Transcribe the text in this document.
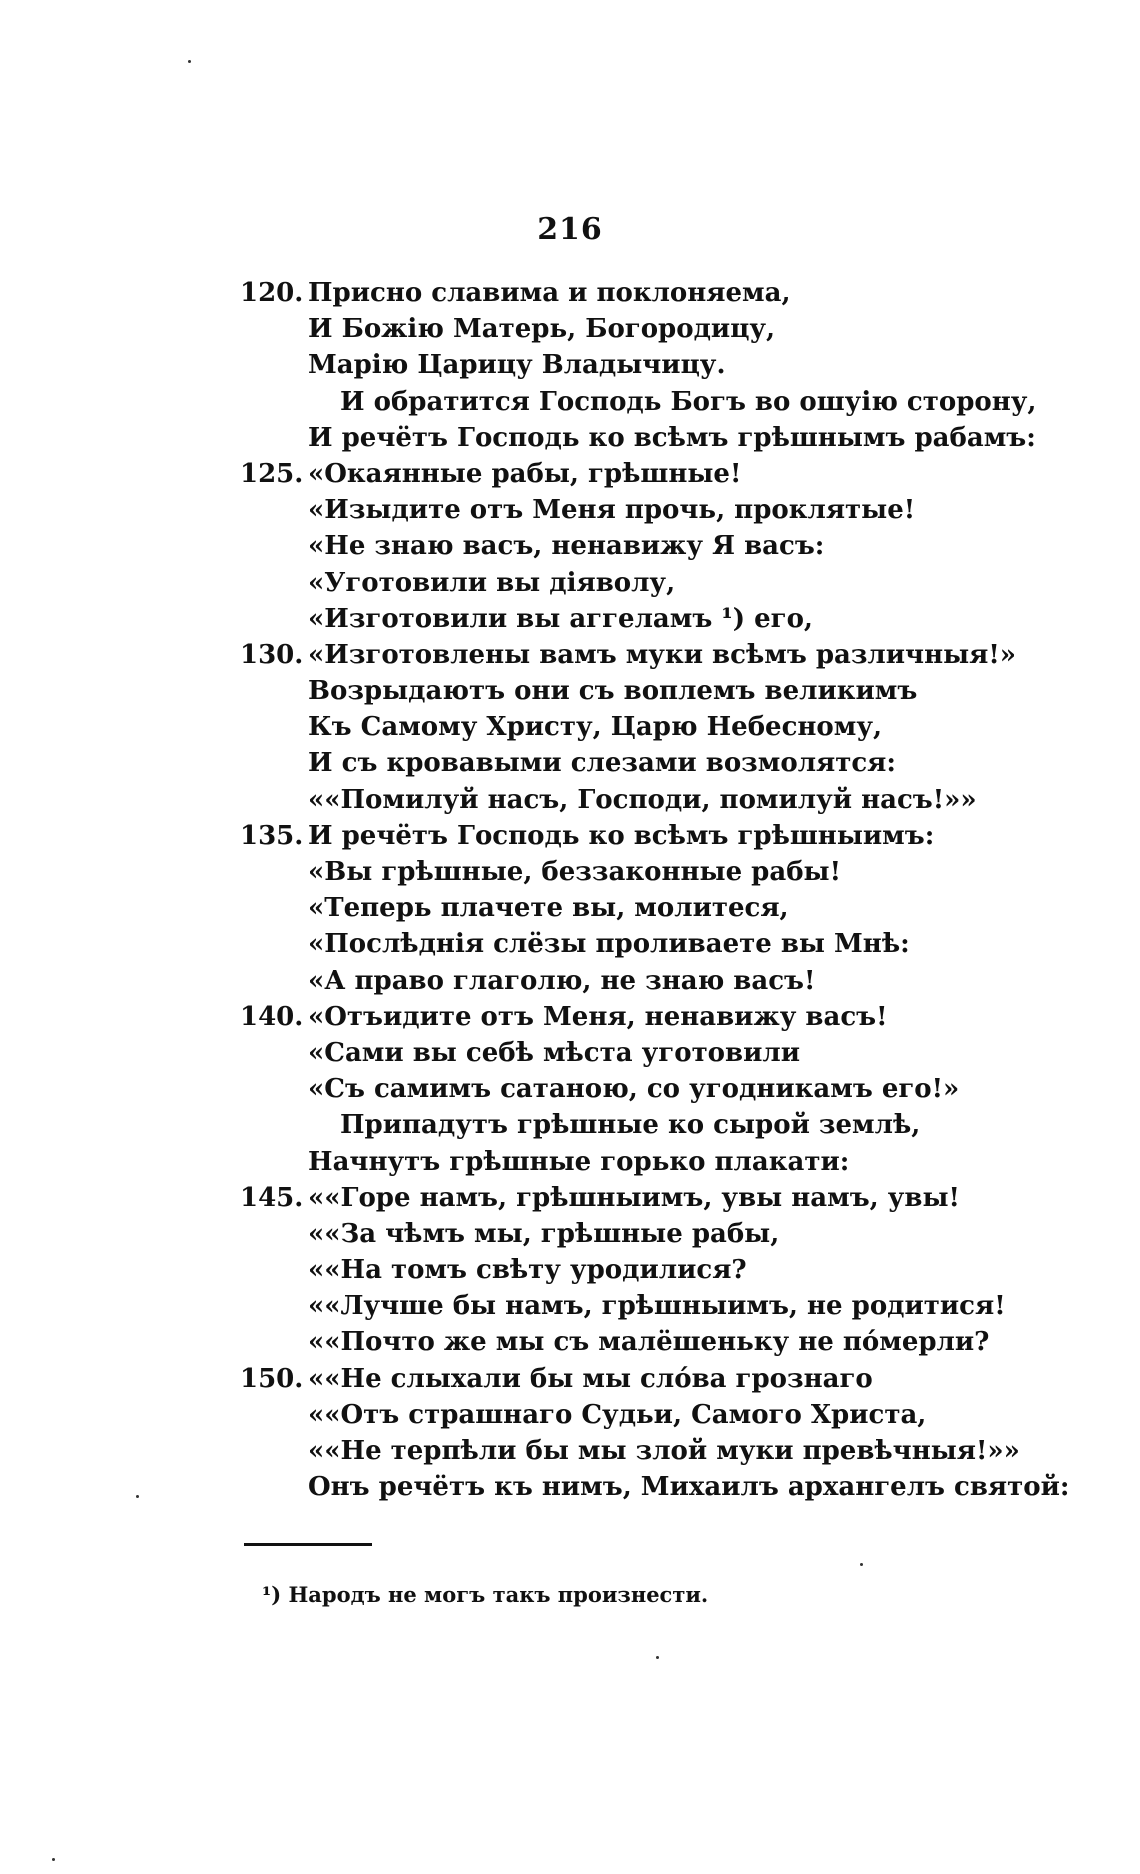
216
120. Присно славима и поклоняема,
И Божію Матерь, Богородицу,
Марію Царицу Владычицу.
И обратится Господь Богъ во ошуію сторону,
И речётъ Господь ко всѣмъ грѣшнымъ рабамъ:
125. «Окаянные рабы, грѣшные!
«Изыдите отъ Меня прочь, проклятые!
«Не знаю васъ, ненавижу Я васъ:
«Уготовили вы діяволу,
«Изготовили вы аггеламъ ¹) его,
130. «Изготовлены вамъ муки всѣмъ различныя!»
Возрыдаютъ они съ воплемъ великимъ
Къ Самому Христу, Царю Небесному,
И съ кровавыми слезами возмолятся:
««Помилуй насъ, Господи, помилуй насъ!»»
135. И речётъ Господь ко всѣмъ грѣшныимъ:
«Вы грѣшные, беззаконные рабы!
«Теперь плачете вы, молитеся,
«Послѣднія слёзы проливаете вы Мнѣ:
«А право глаголю, не знаю васъ!
140. «Отъидите отъ Меня, ненавижу васъ!
«Сами вы себѣ мѣста уготовили
«Съ самимъ сатаною, со угодникамъ его!»
Припадутъ грѣшные ко сырой землѣ,
Начнутъ грѣшные горько плакати:
145. ««Горе намъ, грѣшныимъ, увы намъ, увы!
««За чѣмъ мы, грѣшные рабы,
««На томъ свѣту уродилися?
««Лучше бы намъ, грѣшныимъ, не родитися!
««Почто же мы съ малёшеньку не пóмерли?
150. ««Не слыхали бы мы слóва грознаго
««Отъ страшнаго Судьи, Самого Христа,
««Не терпѣли бы мы злой муки превѣчныя!»»
Онъ речётъ къ нимъ, Михаилъ архангелъ святой:
¹) Народъ не могъ такъ произнести.
